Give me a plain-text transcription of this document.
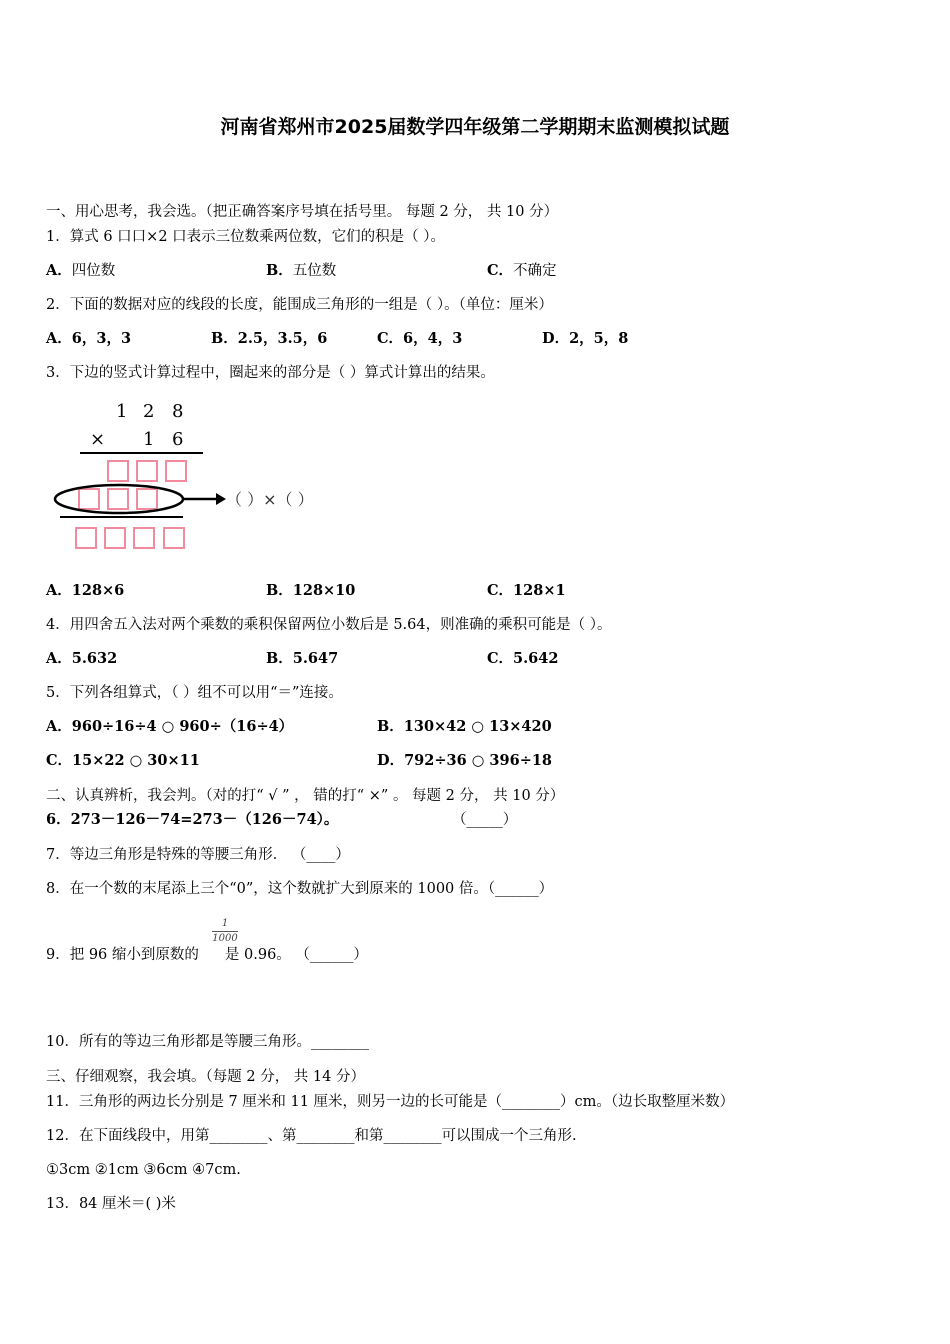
河南省郑州市2025届数学四年级第二学期期末监测模拟试题
一、用心思考，我会选。（把正确答案序号填在括号里。 每题 2 分， 共 10 分）
1．算式 6 口口×2 口表示三位数乘两位数，它们的积是（ ）。
A．四位数	B．五位数	C．不确定
2．下面的数据对应的线段的长度，能围成三角形的一组是（ ）。（单位：厘米）
A．6，3，3	B．2.5，3.5，6	C．6，4，3	D．2，5，8
3．下边的竖式计算过程中，圈起来的部分是（ ）算式计算出的结果。
1 2 8
× 1 6
（ ）×（ ）
A．128×6	B．128×10	C．128×1
4．用四舍五入法对两个乘数的乘积保留两位小数后是 5.64，则准确的乘积可能是（ ）。
A．5.632	B．5.647	C．5.642
5．下列各组算式，（ ）组不可以用“＝”连接。
A．960÷16÷4 ○ 960÷（16÷4）	B．130×42 ○ 13×420
C．15×22 ○ 30×11	D．792÷36 ○ 396÷18
二、认真辨析，我会判。（对的打“ √ ” ， 错的打“ ×” 。 每题 2 分， 共 10 分）
6．273－126－74=273－（126－74）。	（_____）
7．等边三角形是特殊的等腰三角形． （____）
8．在一个数的末尾添上三个“0”，这个数就扩大到原来的 1000 倍。（______）
9．把 96 缩小到原数的 是 0.96。 （______）
1
1000
10．所有的等边三角形都是等腰三角形。________
三、仔细观察，我会填。（每题 2 分， 共 14 分）
11．三角形的两边长分别是 7 厘米和 11 厘米，则另一边的长可能是（________）cm。（边长取整厘米数）
12．在下面线段中，用第________、第________和第________可以围成一个三角形.
①3cm ②1cm ③6cm ④7cm.
13．84 厘米＝( )米
